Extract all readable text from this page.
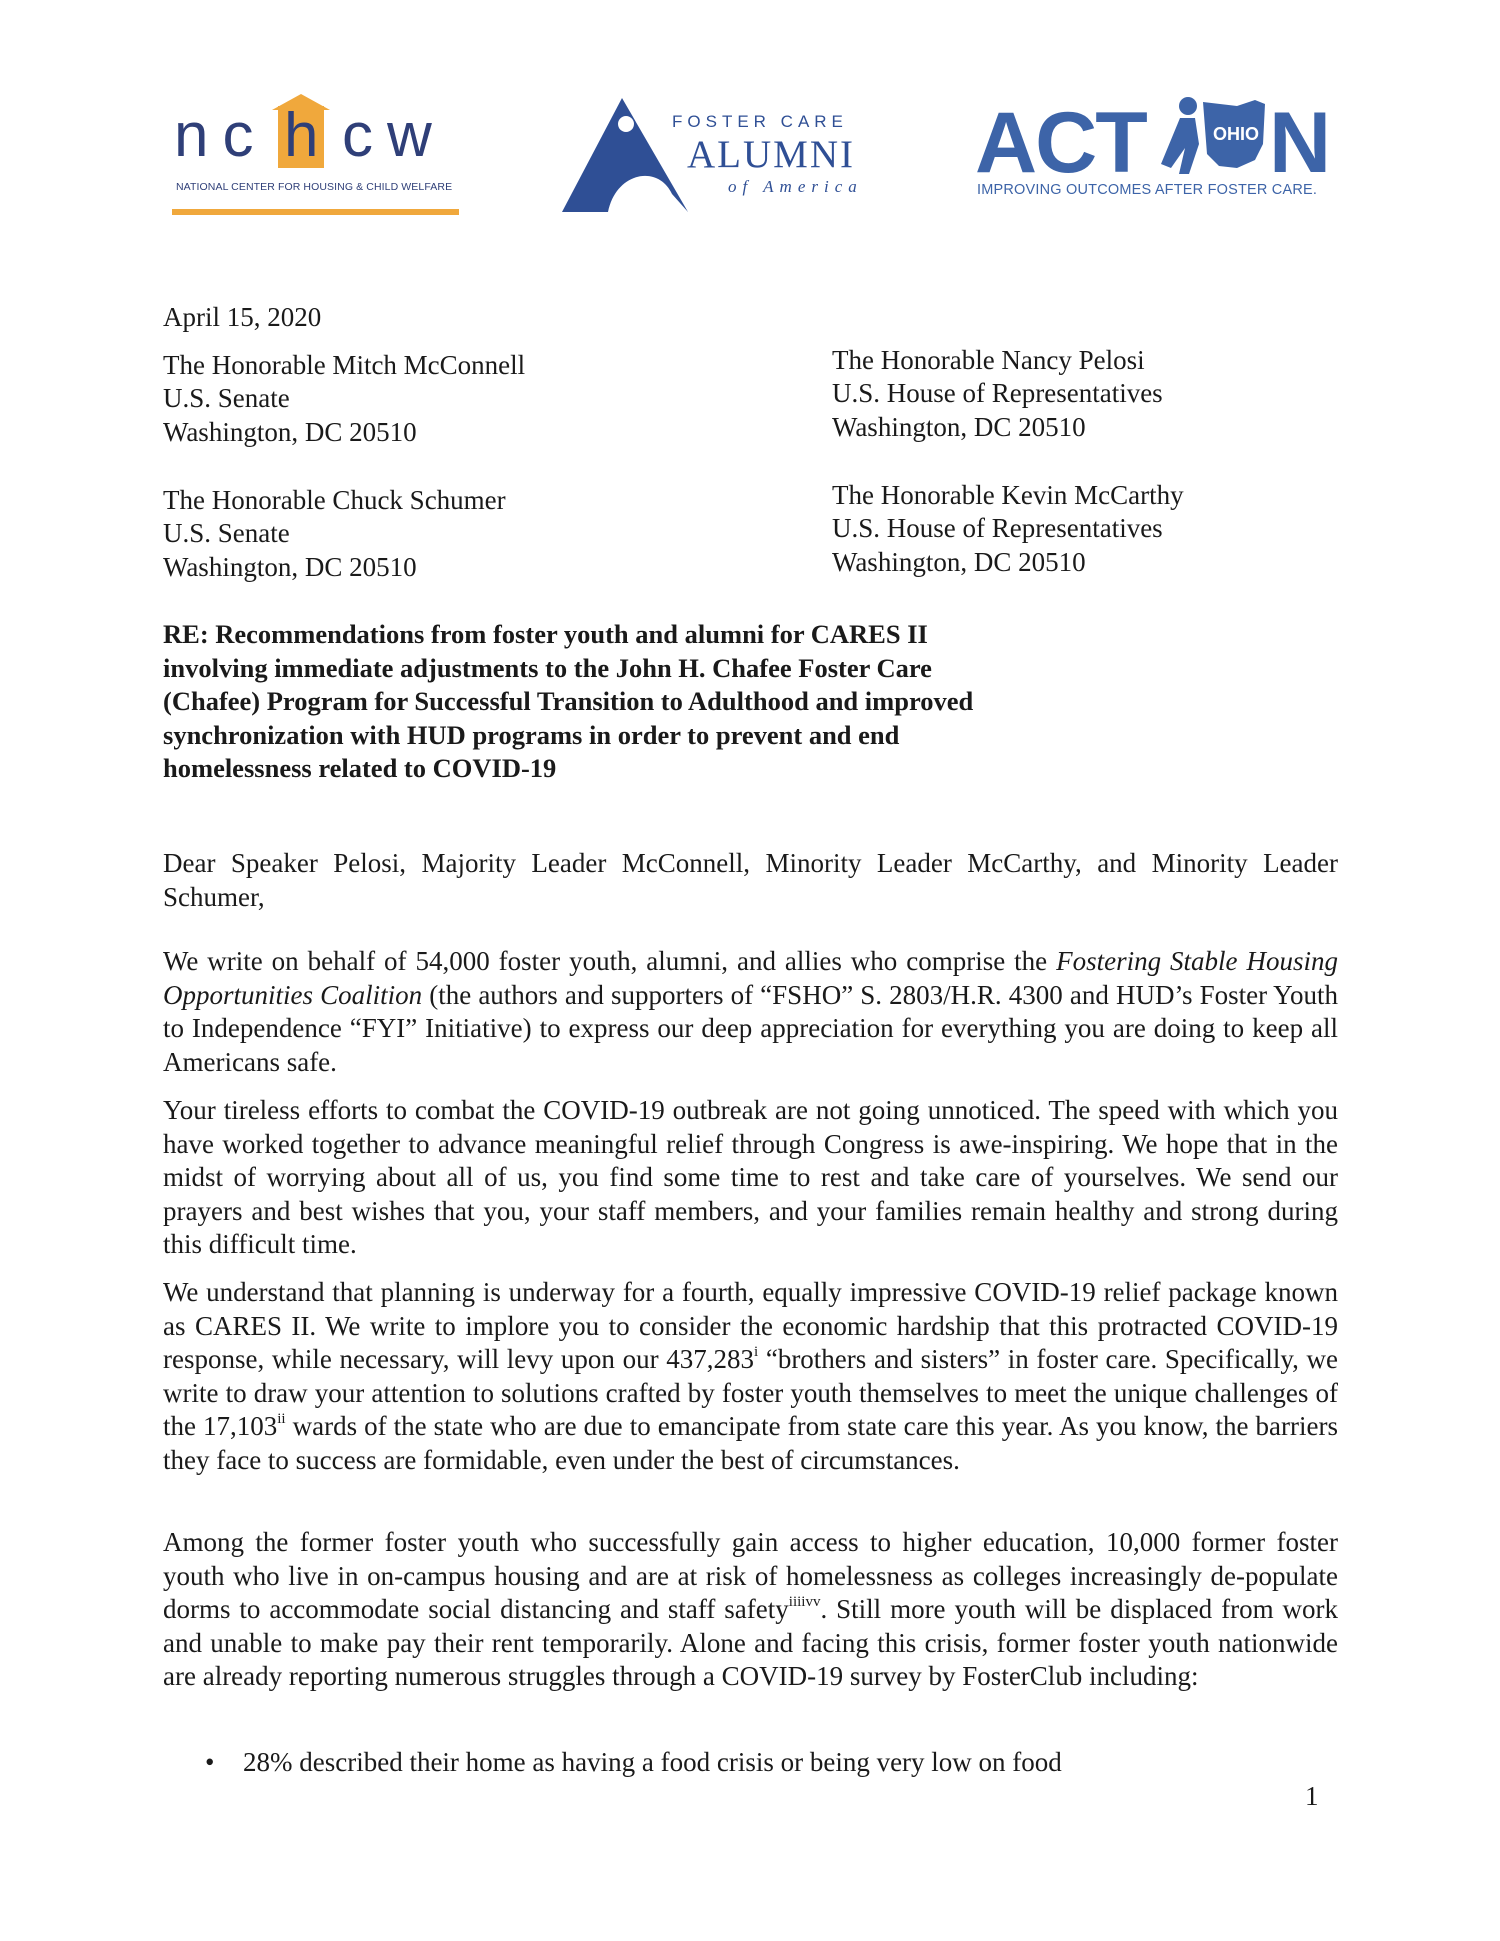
nc h cw
NATIONAL CENTER FOR HOUSING & CHILD WELFARE
FOSTER CARE
ALUMNI
of America ACT	OHIO N
IMPROVING OUTCOMES AFTER FOSTER CARE.

April 15, 2020

The Honorable Mitch McConnell

U.S. Senate

Washington, DC 20510

The Honorable Nancy Pelosi

U.S. House of Representatives

Washington, DC 20510

The Honorable Chuck Schumer

U.S. Senate

Washington, DC 20510

The Honorable Kevin McCarthy

U.S. House of Representatives

Washington, DC 20510

RE: Recommendations from foster youth and alumni for CARES II involving immediate adjustments to the John H. Chafee Foster Care (Chafee) Program for Successful Transition to Adulthood and improved synchronization with HUD programs in order to prevent and end homelessness related to COVID-19

Dear Speaker Pelosi, Majority Leader McConnell, Minority Leader McCarthy, and Minority Leader Schumer,

We write on behalf of 54,000 foster youth, alumni, and allies who comprise the Fostering Stable Housing Opportunities Coalition (the authors and supporters of “FSHO” S. 2803/H.R. 4300 and HUD’s Foster Youth to Independence “FYI” Initiative) to express our deep appreciation for everything you are doing to keep all Americans safe.

Your tireless efforts to combat the COVID-19 outbreak are not going unnoticed. The speed with which you have worked together to advance meaningful relief through Congress is awe-inspiring. We hope that in the midst of worrying about all of us, you find some time to rest and take care of yourselves. We send our prayers and best wishes that you, your staff members, and your families remain healthy and strong during this difficult time.

We understand that planning is underway for a fourth, equally impressive COVID-19 relief package known as CARES II. We write to implore you to consider the economic hardship that this protracted COVID-19 response, while necessary, will levy upon our 437,283$^i$ “brothers and sisters” in foster care. Specifically, we write to draw your attention to solutions crafted by foster youth themselves to meet the unique challenges of the 17,103$^{ii}$ wards of the state who are due to emancipate from state care this year. As you know, the barriers they face to success are formidable, even under the best of circumstances.

Among the former foster youth who successfully gain access to higher education, 10,000 former foster youth who live in on-campus housing and are at risk of homelessness as colleges increasingly de-populate dorms to accommodate social distancing and staff safety$^{iiiivv}$. Still more youth will be displaced from work and unable to make pay their rent temporarily. Alone and facing this crisis, former foster youth nationwide are already reporting numerous struggles through a COVID-19 survey by FosterClub including:

• 28% described their home as having a food crisis or being very low on food

1
